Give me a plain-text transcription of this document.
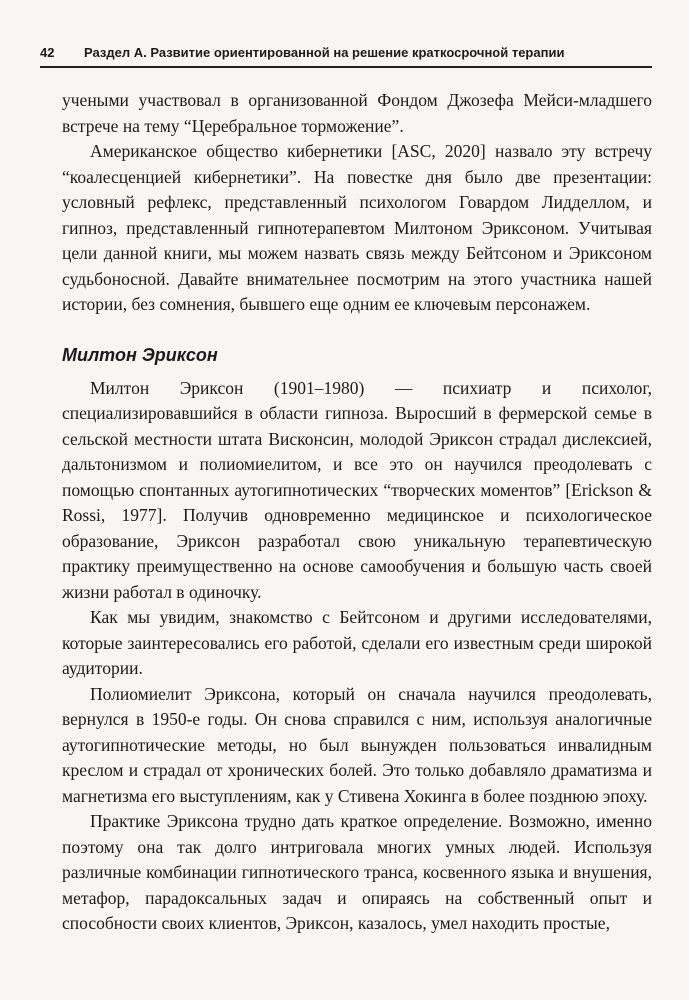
42 Раздел А. Развитие ориентированной на решение краткосрочной терапии

учеными участвовал в организованной Фондом Джозефа Мейси-младшего встрече на тему “Церебральное торможение”.

Американское общество кибернетики [ASC, 2020] назвало эту встречу “коалесценцией кибернетики”. На повестке дня было две презентации: условный рефлекс, представленный психологом Говардом Лидделлом, и гипноз, представленный гипнотерапевтом Милтоном Эриксоном. Учитывая цели данной книги, мы можем назвать связь между Бейтсоном и Эриксоном судьбоносной. Давайте внимательнее посмотрим на этого участника нашей истории, без сомнения, бывшего еще одним ее ключевым персонажем.

Милтон Эриксон

Милтон Эриксон (1901–1980) — психиатр и психолог, специализировавшийся в области гипноза. Выросший в фермерской семье в сельской местности штата Висконсин, молодой Эриксон страдал дислексией, дальтонизмом и полиомиелитом, и все это он научился преодолевать с помощью спонтанных аутогипнотических “творческих моментов” [Erickson & Rossi, 1977]. Получив одновременно медицинское и психологическое образование, Эриксон разработал свою уникальную терапевтическую практику преимущественно на основе самообучения и большую часть своей жизни работал в одиночку.

Как мы увидим, знакомство с Бейтсоном и другими исследователями, которые заинтересовались его работой, сделали его известным среди широкой аудитории.

Полиомиелит Эриксона, который он сначала научился преодолевать, вернулся в 1950-е годы. Он снова справился с ним, используя аналогичные аутогипнотические методы, но был вынужден пользоваться инвалидным креслом и страдал от хронических болей. Это только добавляло драматизма и магнетизма его выступлениям, как у Стивена Хокинга в более позднюю эпоху.

Практике Эриксона трудно дать краткое определение. Возможно, именно поэтому она так долго интриговала многих умных людей. Используя различные комбинации гипнотического транса, косвенного языка и внушения, метафор, парадоксальных задач и опираясь на собственный опыт и способности своих клиентов, Эриксон, казалось, умел находить простые,
